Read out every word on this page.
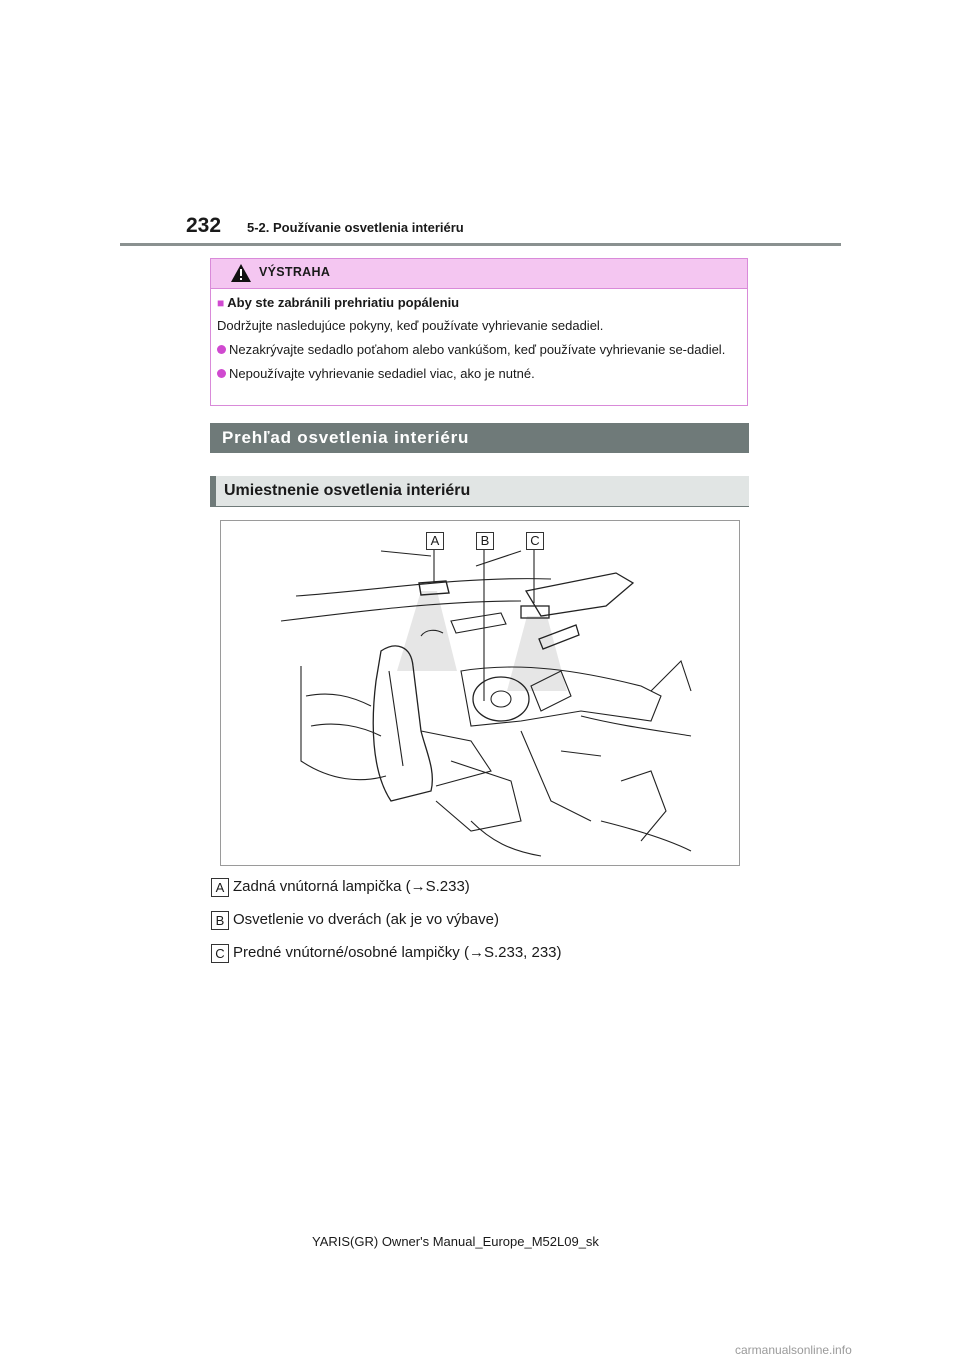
232 5-2. Používanie osvetlenia interiéru
VÝSTRAHA
■ Aby ste zabránili prehriatiu popáleniu
Dodržujte nasledujúce pokyny, keď používate vyhrievanie sedadiel.
Nezakrývajte sedadlo poťahom alebo vankúšom, keď používate vyhrievanie se-dadiel.
Nepoužívajte vyhrievanie sedadiel viac, ako je nutné.
Prehľad osvetlenia interiéru
Umiestnenie osvetlenia interiéru
A	B	C
A Zadná vnútorná lampička (→S.233)
B Osvetlenie vo dverách (ak je vo výbave)
C Predné vnútorné/osobné lampičky (→S.233, 233)
YARIS(GR) Owner's Manual_Europe_M52L09_sk
carmanualsonline.info
